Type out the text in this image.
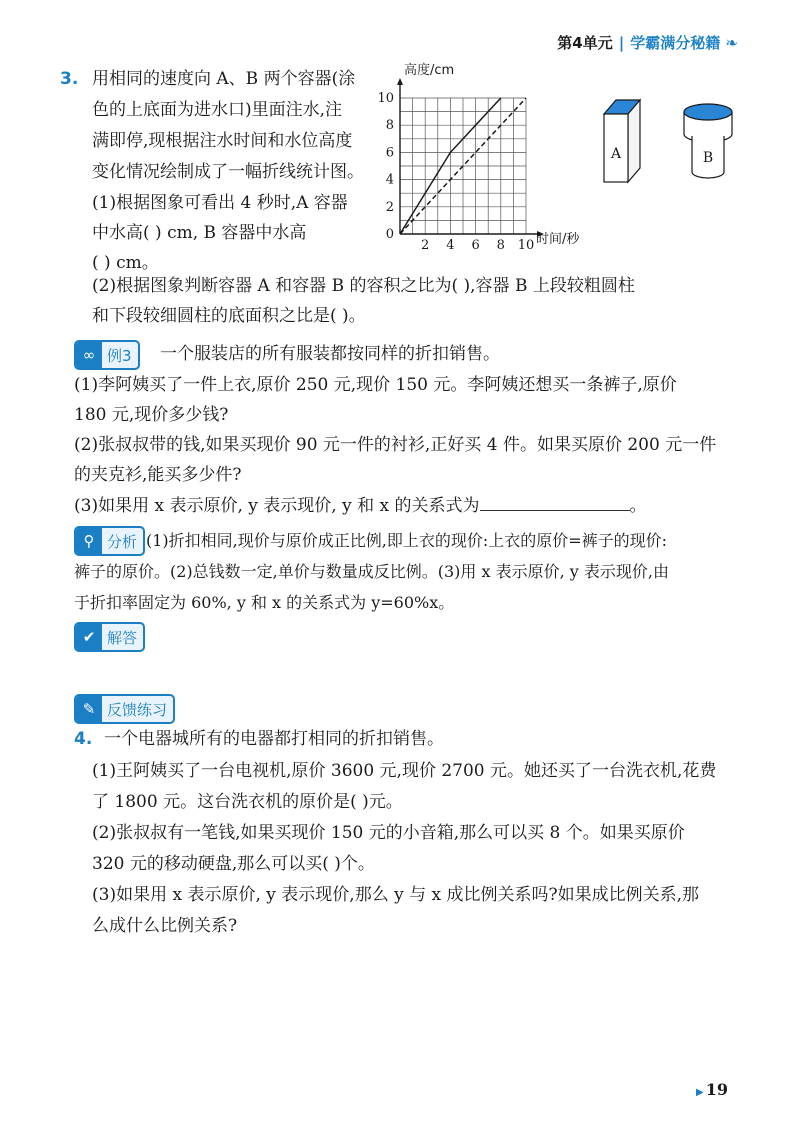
第4单元 | 学霸满分秘籍 ❧
3. 用相同的速度向 A、B 两个容器(涂
色的上底面为进水口)里面注水,注
满即停,现根据注水时间和水位高度
变化情况绘制成了一幅折线统计图。
(1)根据图象可看出 4 秒时,A 容器
中水高( ) cm, B 容器中水高
( ) cm。
2 4 6 8 10
0
2
4
6
8
10
高度/cm
时间/秒
A	B
(2)根据图象判断容器 A 和容器 B 的容积之比为( ),容器 B 上段较粗圆柱
和下段较细圆柱的底面积之比是( )。
∞ 例3 一个服装店的所有服装都按同样的折扣销售。
(1)李阿姨买了一件上衣,原价 250 元,现价 150 元。李阿姨还想买一条裤子,原价
180 元,现价多少钱?
(2)张叔叔带的钱,如果买现价 90 元一件的衬衫,正好买 4 件。如果买原价 200 元一件
的夹克衫,能买多少件?
(3)如果用 x 表示原价, y 表示现价, y 和 x 的关系式为	。
⚲ 分析 (1)折扣相同,现价与原价成正比例,即上衣的现价:上衣的原价=裤子的现价:
裤子的原价。(2)总钱数一定,单价与数量成反比例。(3)用 x 表示原价, y 表示现价,由
于折扣率固定为 60%, y 和 x 的关系式为 y=60%x。
✔ 解答
✎ 反馈练习
4. 一个电器城所有的电器都打相同的折扣销售。
(1)王阿姨买了一台电视机,原价 3600 元,现价 2700 元。她还买了一台洗衣机,花费
了 1800 元。这台洗衣机的原价是( )元。
(2)张叔叔有一笔钱,如果买现价 150 元的小音箱,那么可以买 8 个。如果买原价
320 元的移动硬盘,那么可以买( )个。
(3)如果用 x 表示原价, y 表示现价,那么 y 与 x 成比例关系吗?如果成比例关系,那
么成什么比例关系?
▶ 19
